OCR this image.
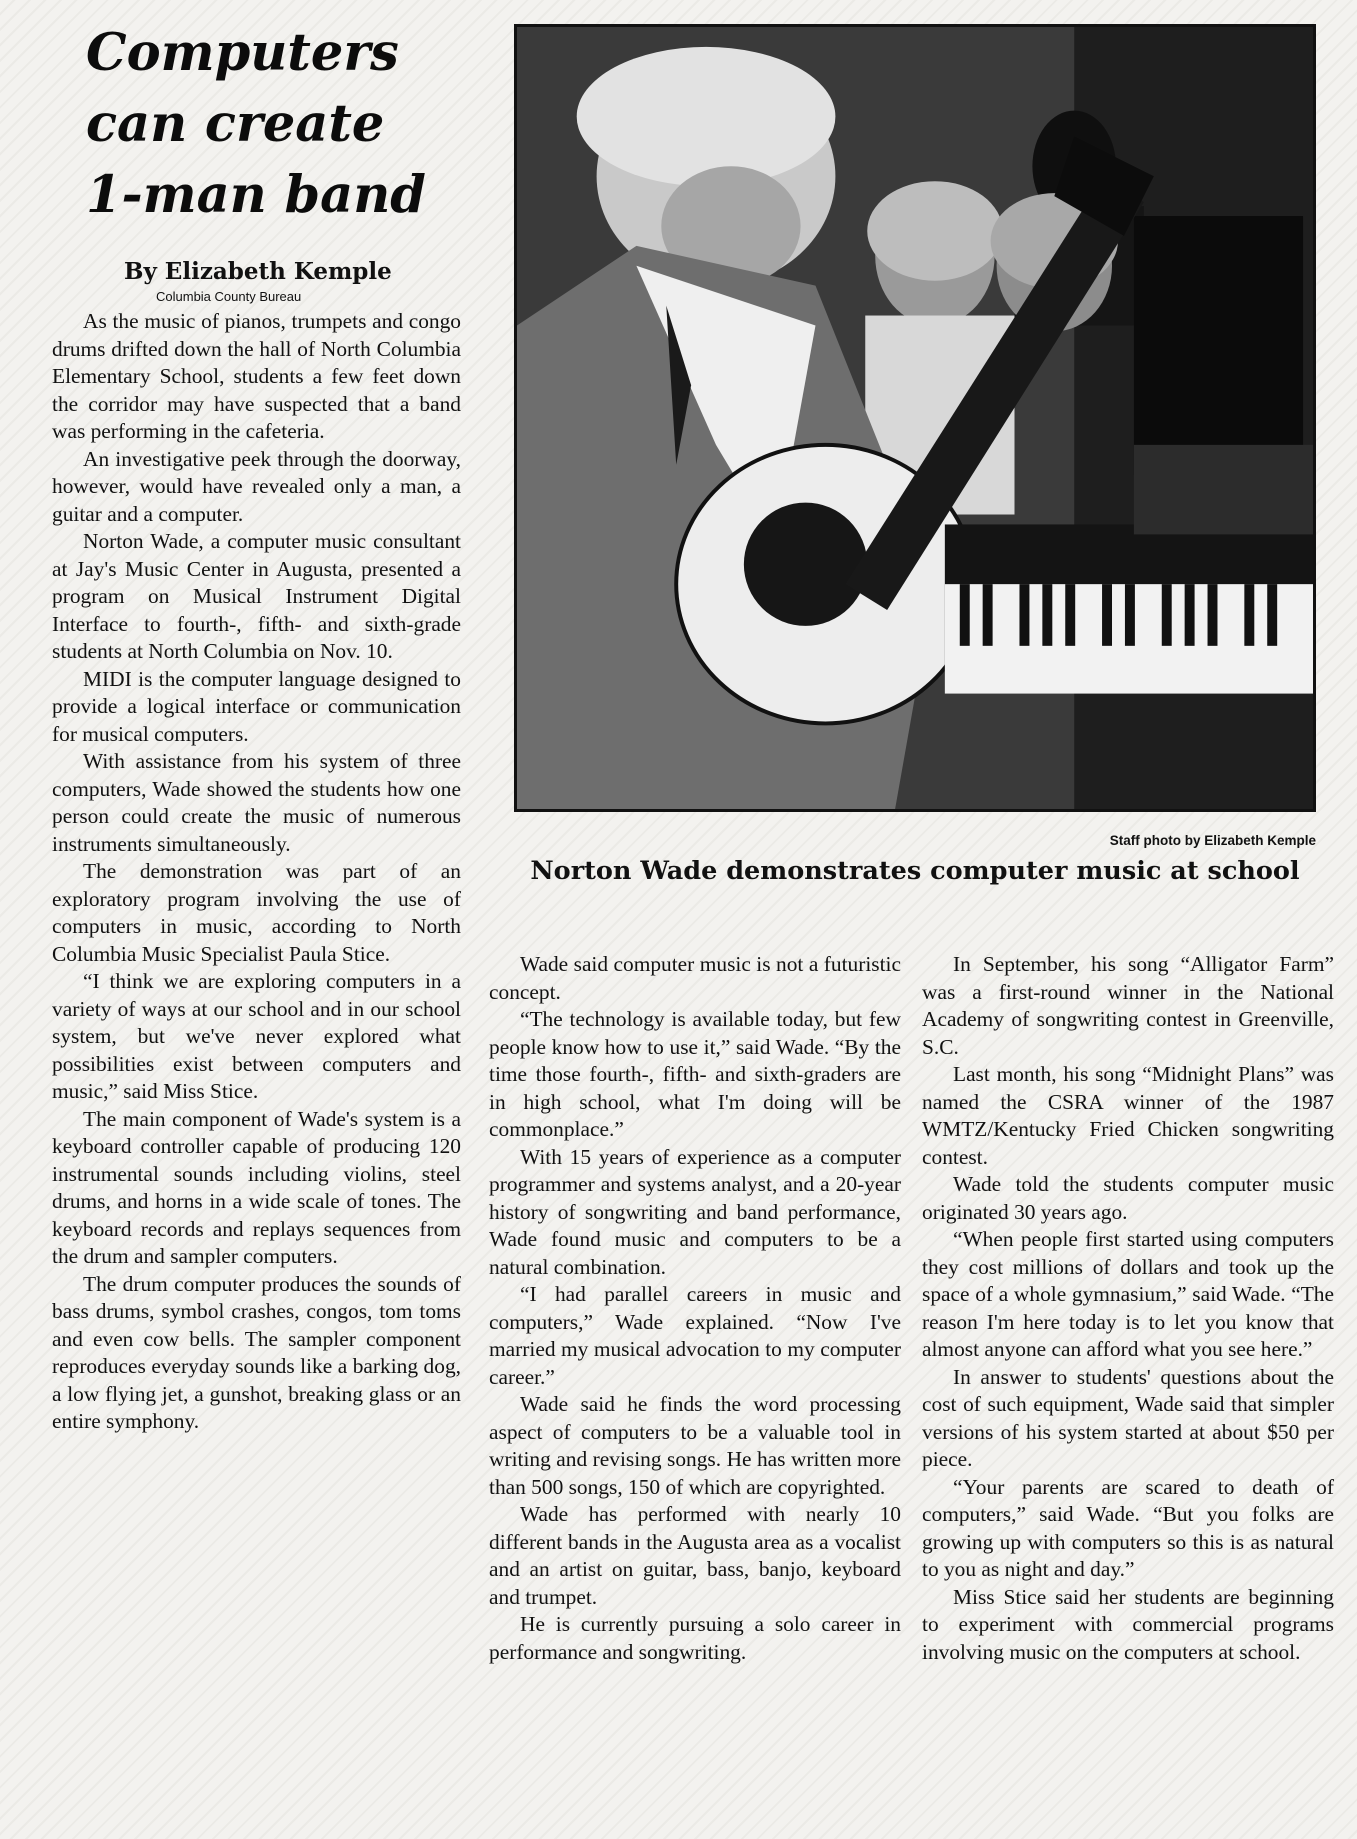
Computers
can create
1-man band
By Elizabeth Kemple
Columbia County Bureau

As the music of pianos, trumpets and congo drums drifted down the hall of North Columbia Elementary School, students a few feet down the corridor may have suspected that a band was performing in the cafeteria.

An investigative peek through the doorway, however, would have revealed only a man, a guitar and a computer.

Norton Wade, a computer music consultant at Jay's Music Center in Augusta, presented a program on Musical Instrument Digital Interface to fourth-, fifth- and sixth-grade students at North Columbia on Nov. 10.

MIDI is the computer language designed to provide a logical interface or communication for musical computers.

With assistance from his system of three computers, Wade showed the students how one person could create the music of numerous instruments simultaneously.

The demonstration was part of an exploratory program involving the use of computers in music, according to North Columbia Music Specialist Paula Stice.

“I think we are exploring computers in a variety of ways at our school and in our school system, but we've never explored what possibilities exist between computers and music,” said Miss Stice.

The main component of Wade's system is a keyboard controller capable of producing 120 instrumental sounds including violins, steel drums, and horns in a wide scale of tones. The keyboard records and replays sequences from the drum and sampler computers.

The drum computer produces the sounds of bass drums, symbol crashes, congos, tom toms and even cow bells. The sampler component reproduces everyday sounds like a barking dog, a low flying jet, a gunshot, breaking glass or an entire symphony.

Staff photo by Elizabeth Kemple
Norton Wade demonstrates computer music at school

Wade said computer music is not a futuristic concept.

“The technology is available today, but few people know how to use it,” said Wade. “By the time those fourth-, fifth- and sixth-graders are in high school, what I'm doing will be commonplace.”

With 15 years of experience as a computer programmer and systems analyst, and a 20-year history of songwriting and band performance, Wade found music and computers to be a natural combination.

“I had parallel careers in music and computers,” Wade explained. “Now I've married my musical advocation to my computer career.”

Wade said he finds the word processing aspect of computers to be a valuable tool in writing and revising songs. He has written more than 500 songs, 150 of which are copyrighted.

Wade has performed with nearly 10 different bands in the Augusta area as a vocalist and an artist on guitar, bass, banjo, keyboard and trumpet.

He is currently pursuing a solo career in performance and songwriting.

In September, his song “Alligator Farm” was a first-round winner in the National Academy of songwriting contest in Greenville, S.C.

Last month, his song “Midnight Plans” was named the CSRA winner of the 1987 WMTZ/Kentucky Fried Chicken songwriting contest.

Wade told the students computer music originated 30 years ago.

“When people first started using computers they cost millions of dollars and took up the space of a whole gymnasium,” said Wade. “The reason I'm here today is to let you know that almost anyone can afford what you see here.”

In answer to students' questions about the cost of such equipment, Wade said that simpler versions of his system started at about $50 per piece.

“Your parents are scared to death of computers,” said Wade. “But you folks are growing up with computers so this is as natural to you as night and day.”

Miss Stice said her students are beginning to experiment with commercial programs involving music on the computers at school.
